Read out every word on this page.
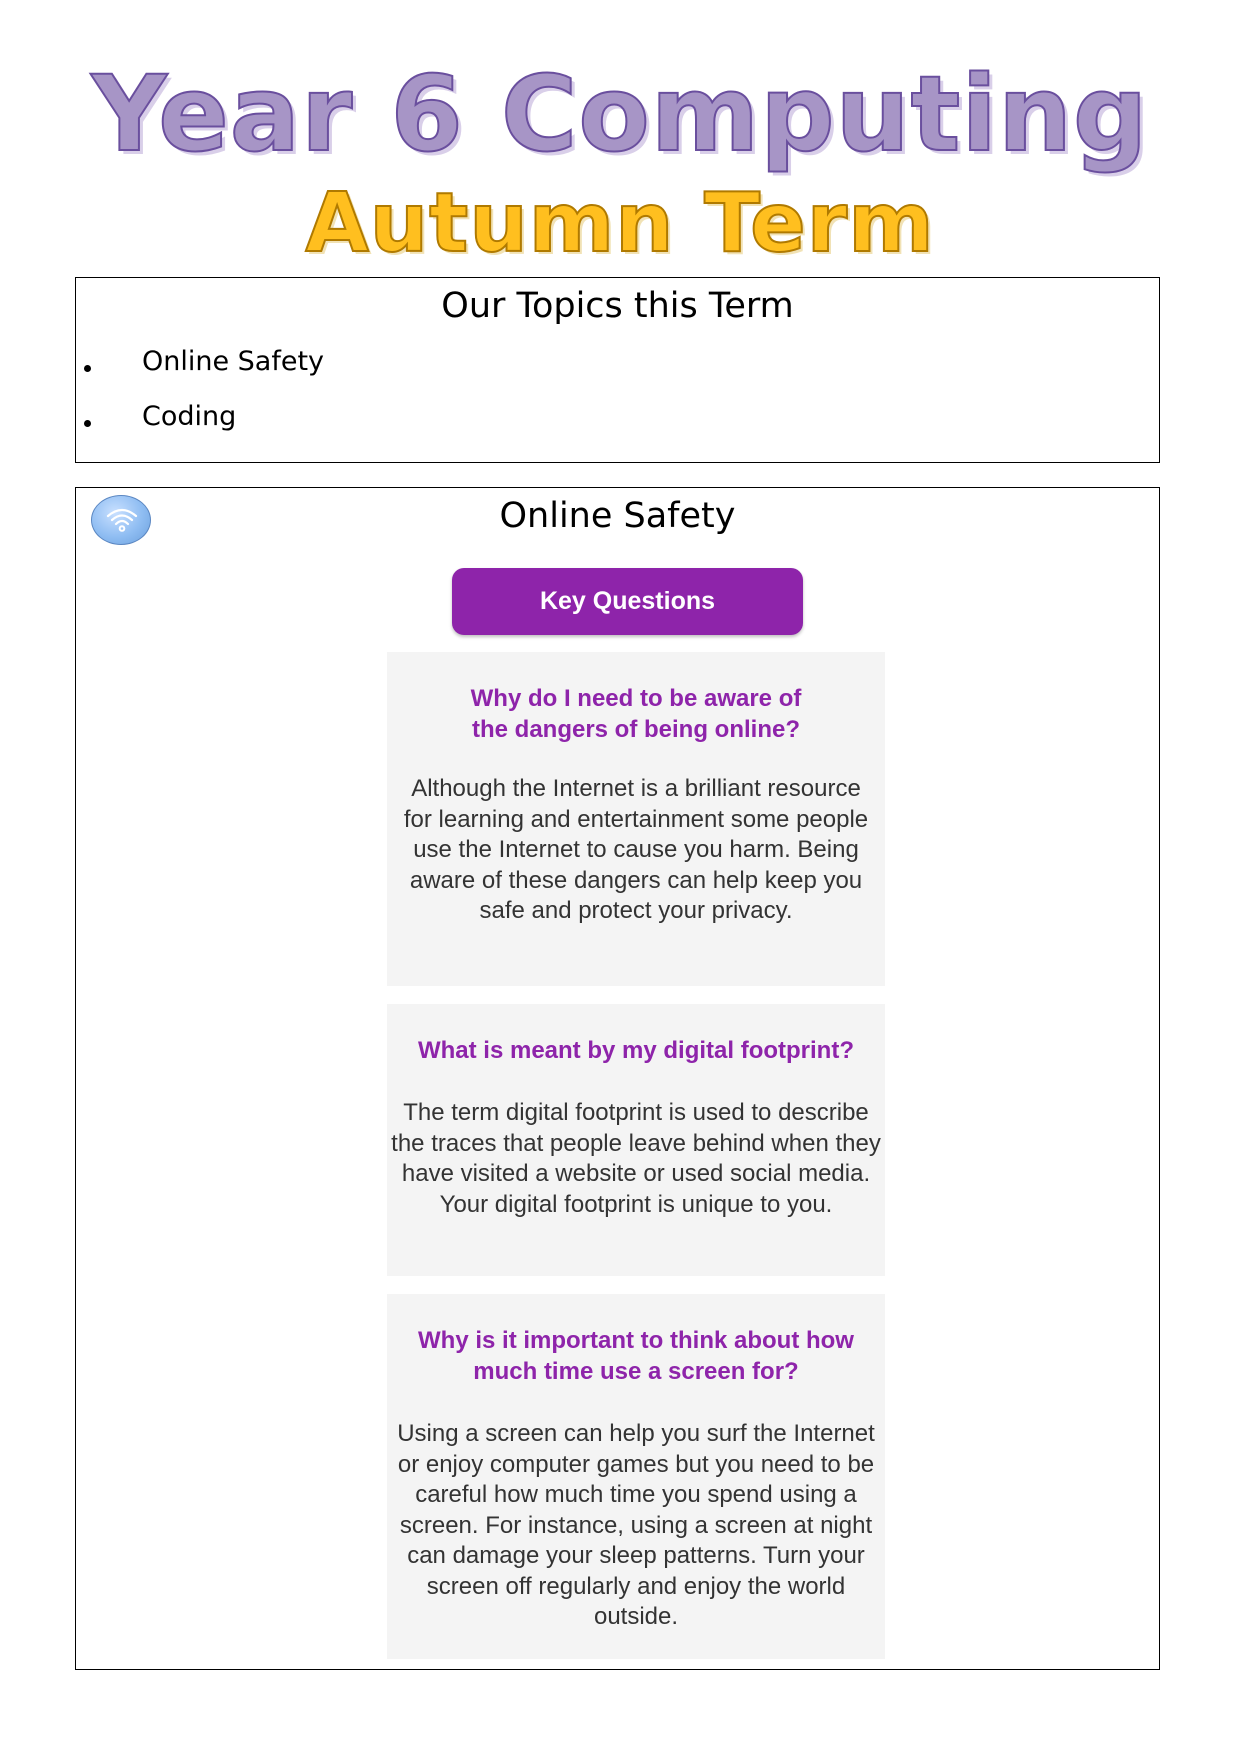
Year 6 Computing
Autumn Term
Our Topics this Term
Online Safety
Coding
Online Safety
Key Questions
Why do I need to be aware of the dangers of being online?
Although the Internet is a brilliant resource for learning and entertainment some people use the Internet to cause you harm. Being aware of these dangers can help keep you safe and protect your privacy.
What is meant by my digital footprint?
The term digital footprint is used to describe the traces that people leave behind when they have visited a website or used social media. Your digital footprint is unique to you.
Why is it important to think about how much time use a screen for?
Using a screen can help you surf the Internet or enjoy computer games but you need to be careful how much time you spend using a screen. For instance, using a screen at night can damage your sleep patterns. Turn your screen off regularly and enjoy the world outside.
